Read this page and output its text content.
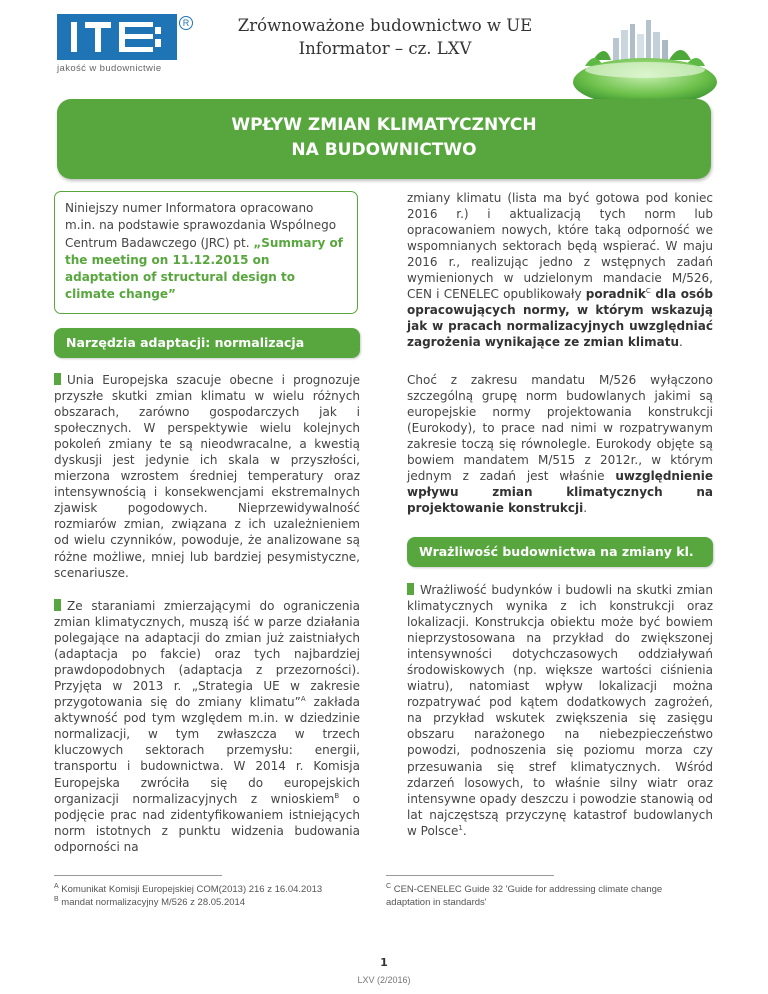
R
jakość w budownictwie
Zrównoważone budownictwo w UE
Informator – cz. LXV
WPŁYW ZMIAN KLIMATYCZNYCH
NA BUDOWNICTWO
Niniejszy numer Informatora opracowano m.in. na podstawie sprawozdania Wspólnego Centrum Badawczego (JRC) pt. „Summary of the meeting on 11.12.2015 on adaptation of structural design to climate change”
Narzędzia adaptacji: normalizacja

Unia Europejska szacuje obecne i prognozuje przyszłe skutki zmian klimatu w wielu różnych obszarach, zarówno gospodarczych jak i społecznych. W perspektywie wielu kolejnych pokoleń zmiany te są nieodwracalne, a kwestią dyskusji jest jedynie ich skala w przyszłości, mierzona wzrostem średniej temperatury oraz intensywnością i konsekwencjami ekstremalnych zjawisk pogodowych. Nieprzewidywalność rozmiarów zmian, związana z ich uzależnieniem od wielu czynników, powoduje, że analizowane są różne możliwe, mniej lub bardziej pesymistyczne, scenariusze.

Ze staraniami zmierzającymi do ograniczenia zmian klimatycznych, muszą iść w parze działania polegające na adaptacji do zmian już zaistniałych (adaptacja po fakcie) oraz tych najbardziej prawdopodobnych (adaptacja z przezorności). Przyjęta w 2013 r. „Strategia UE w zakresie przygotowania się do zmiany klimatu”$^A$ zakłada aktywność pod tym względem m.in. w dziedzinie normalizacji, w tym zwłaszcza w trzech kluczowych sektorach przemysłu: energii, transportu i budownictwa. W 2014 r. Komisja Europejska zwróciła się do europejskich organizacji normalizacyjnych z wnioskiem$^B$ o podjęcie prac nad zidentyfikowaniem istniejących norm istotnych z punktu widzenia budowania odporności na

zmiany klimatu (lista ma być gotowa pod koniec 2016 r.) i aktualizacją tych norm lub opracowaniem nowych, które taką odporność we wspomnianych sektorach będą wspierać. W maju 2016 r., realizując jedno z wstępnych zadań wymienionych w udzielonym mandacie M/526, CEN i CENELEC opublikowały poradnik$^C$ dla osób opracowujących normy, w którym wskazują jak w pracach normalizacyjnych uwzględniać zagrożenia wynikające ze zmian klimatu.

Choć z zakresu mandatu M/526 wyłączono szczególną grupę norm budowlanych jakimi są europejskie normy projektowania konstrukcji (Eurokody), to prace nad nimi w rozpatrywanym zakresie toczą się równolegle. Eurokody objęte są bowiem mandatem M/515 z 2012r., w którym jednym z zadań jest właśnie uwzględnienie wpływu zmian klimatycznych na projektowanie konstrukcji.

Wrażliwość budownictwa na zmiany kl.

Wrażliwość budynków i budowli na skutki zmian klimatycznych wynika z ich konstrukcji oraz lokalizacji. Konstrukcja obiektu może być bowiem nieprzystosowana na przykład do zwiększonej intensywności dotychczasowych oddziaływań środowiskowych (np. większe wartości ciśnienia wiatru), natomiast wpływ lokalizacji można rozpatrywać pod kątem dodatkowych zagrożeń, na przykład wskutek zwiększenia się zasięgu obszaru narażonego na niebezpieczeństwo powodzi, podnoszenia się poziomu morza czy przesuwania się stref klimatycznych. Wśród zdarzeń losowych, to właśnie silny wiatr oraz intensywne opady deszczu i powodzie stanowią od lat najczęstszą przyczynę katastrof budowlanych w Polsce$^1$.

$^A$ Komunikat Komisji Europejskiej COM(2013) 216 z 16.04.2013
$^B$ mandat normalizacyjny M/526 z 28.05.2014
$^C$ CEN-CENELEC Guide 32 'Guide for addressing climate change adaptation in standards'
1
LXV (2/2016)
